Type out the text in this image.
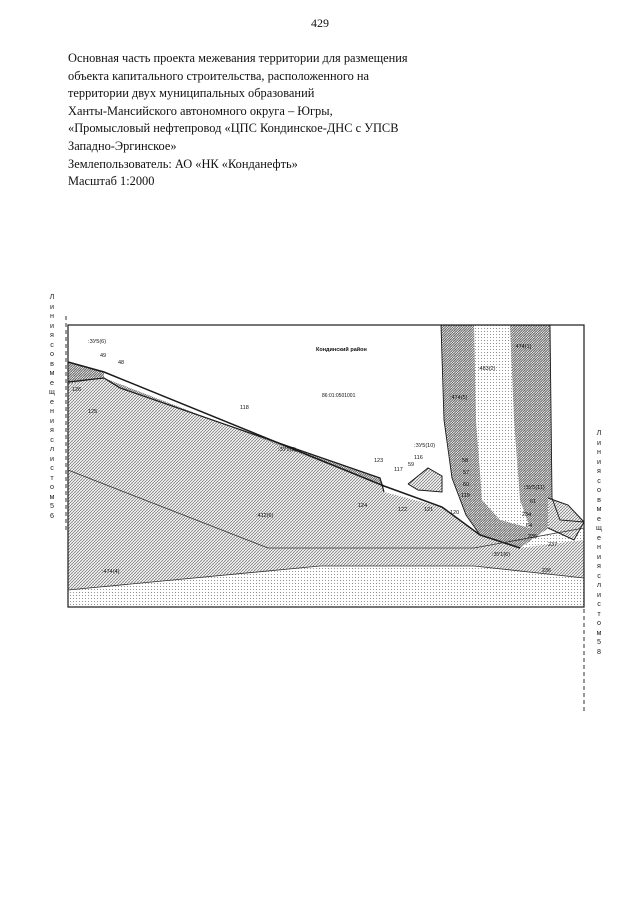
429
Основная часть проекта межевания территории для размещения
объекта капитального строительства, расположенного на
территории двух муниципальных образований
Ханты-Мансийского автономного округа – Югры,
«Промысловый нефтепровод «ЦПС Кондинское-ДНС с УПСВ
Западно-Эргинское»
Землепользователь: АО «НК «Конданефть»
Масштаб 1:2000
Л
и
н
и
я
с
о
в
м
е
щ
е
н
и
я
с
л
и
с
т
о
м
5
6
Л
и
н
и
я
с
о
в
м
е
щ
е
н
и
я
с
л
и
с
т
о
м
5
8
Кондинский район
86:01:0501001
:ЗУ5(6)
:ЗУ1(5)
:ЗУ5(10)
:ЗУ5(11)
:ЗУ1(6)
:474(1)
:483(2)
:474(5)
:412(6)
:474(4)
49
48
126
125
118
123
117
116	58
59
57
60
119
124
122	121	120
61
234
64
235
237
236
